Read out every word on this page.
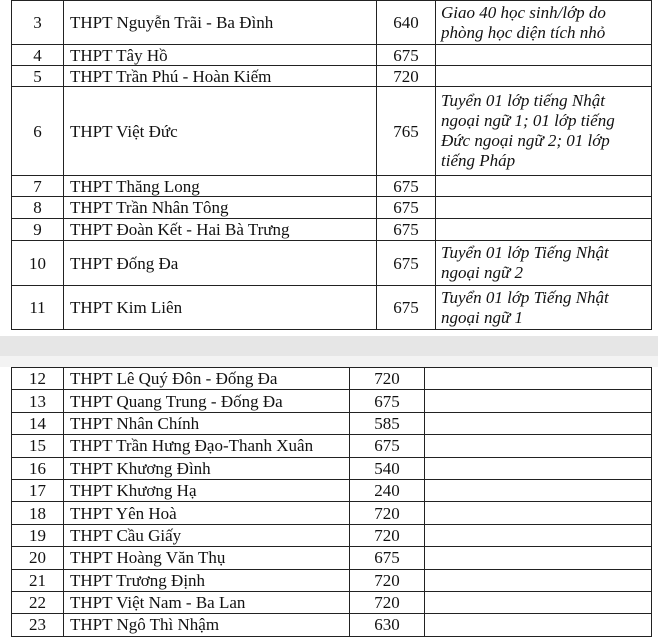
3	THPT Nguyễn Trãi - Ba Đình	640	Giao 40 học sinh/lớp do phòng học diện tích nhỏ
4	THPT Tây Hồ	675	
5	THPT Trần Phú - Hoàn Kiếm	720	
6	THPT Việt Đức	765	Tuyển 01 lớp tiếng Nhật ngoại ngữ 1; 01 lớp tiếng Đức ngoại ngữ 2; 01 lớp tiếng Pháp
7	THPT Thăng Long	675	
8	THPT Trần Nhân Tông	675	
9	THPT Đoàn Kết - Hai Bà Trưng	675	
10	THPT Đống Đa	675	Tuyển 01 lớp Tiếng Nhật ngoại ngữ 2
11	THPT Kim Liên	675	Tuyển 01 lớp Tiếng Nhật ngoại ngữ 1
12	THPT Lê Quý Đôn - Đống Đa	720	
13	THPT Quang Trung - Đống Đa	675	
14	THPT Nhân Chính	585	
15	THPT Trần Hưng Đạo-Thanh Xuân	675	
16	THPT Khương Đình	540	
17	THPT Khương Hạ	240	
18	THPT Yên Hoà	720	
19	THPT Cầu Giấy	720	
20	THPT Hoàng Văn Thụ	675	
21	THPT Trương Định	720	
22	THPT Việt Nam - Ba Lan	720	
23	THPT Ngô Thì Nhậm	630	
